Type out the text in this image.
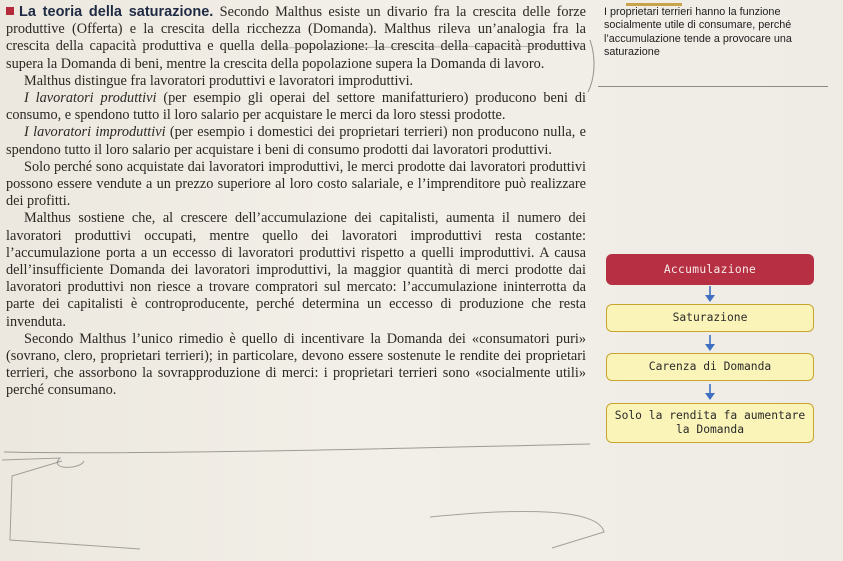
La teoria della saturazione. Secondo Malthus esiste un divario fra la crescita delle forze produttive (Offerta) e la crescita della ricchezza (Domanda). Malthus rileva un’analogia fra la crescita della capacità produttiva e quella della popolazione: la crescita della capacità produttiva supera la Domanda di beni, mentre la crescita della popolazione supera la Domanda di lavoro.

Malthus distingue fra lavoratori produttivi e lavoratori improduttivi.

I lavoratori produttivi (per esempio gli operai del settore manifatturiero) producono beni di consumo, e spendono tutto il loro salario per acquistare le merci da loro stessi prodotte.

I lavoratori improduttivi (per esempio i domestici dei proprietari terrieri) non producono nulla, e spendono tutto il loro salario per acquistare i beni di consumo prodotti dai lavoratori produttivi.

Solo perché sono acquistate dai lavoratori improduttivi, le merci prodotte dai lavoratori produttivi possono essere vendute a un prezzo superiore al loro costo salariale, e l’imprenditore può realizzare dei profitti.

Malthus sostiene che, al crescere dell’accumulazione dei capitalisti, aumenta il numero dei lavoratori produttivi occupati, mentre quello dei lavoratori improduttivi resta costante: l’accumulazione porta a un eccesso di lavoratori produttivi rispetto a quelli improduttivi. A causa dell’insufficiente Domanda dei lavoratori improduttivi, la maggior quantità di merci prodotte dai lavoratori produttivi non riesce a trovare compratori sul mercato: l’accumulazione ininterrotta da parte dei capitalisti è controproducente, perché determina un eccesso di produzione che resta invenduta.

Secondo Malthus l’unico rimedio è quello di incentivare la Domanda dei «consumatori puri» (sovrano, clero, proprietari terrieri); in particolare, devono essere sostenute le rendite dei proprietari terrieri, che assorbono la sovrapproduzione di merci: i proprietari terrieri sono «socialmente utili» perché consumano.

I proprietari terrieri hanno la funzione socialmente utile di consumare, perché l’accumulazione tende a provocare una saturazione
Accumulazione
Saturazione
Carenza di Domanda
Solo la rendita fa aumentare la Domanda
